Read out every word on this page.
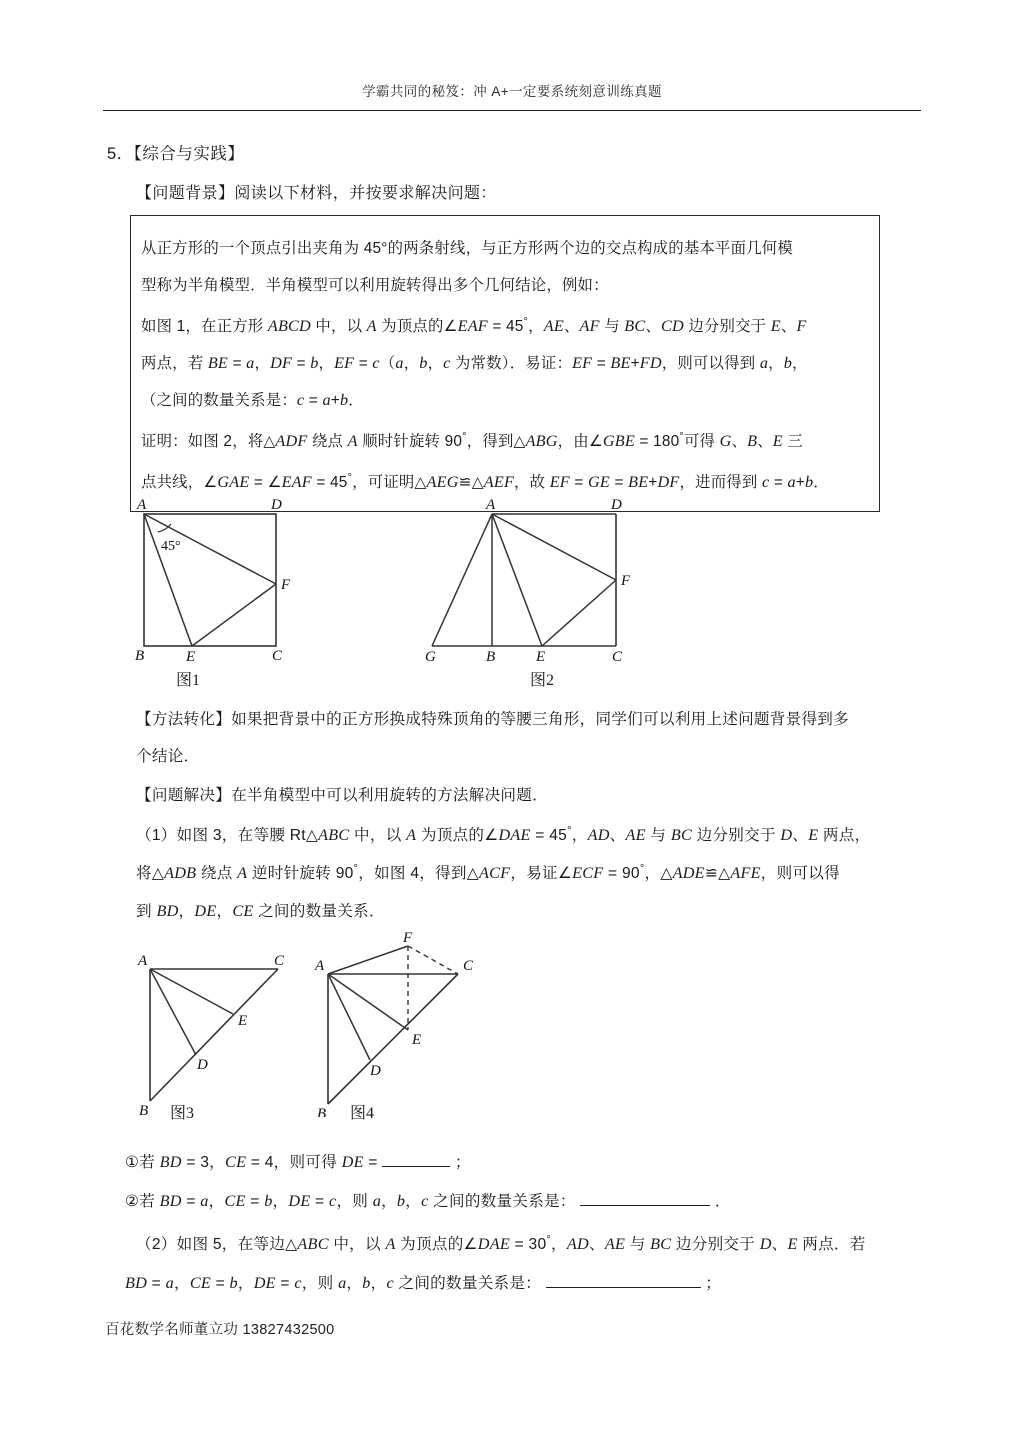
学霸共同的秘笈：冲 A+一定要系统刻意训练真题
5．【综合与实践】
【问题背景】阅读以下材料，并按要求解决问题：

从正方形的一个顶点引出夹角为 45°的两条射线，与正方形两个边的交点构成的基本平面几何模

型称为半角模型．半角模型可以利用旋转得出多个几何结论，例如：

如图 1，在正方形 ABCD 中，以 A 为顶点的∠EAF = 45°，AE、AF 与 BC、CD 边分别交于 E、F

两点，若 BE = a，DF = b，EF = c（a，b，c 为常数）．易证：EF = BE+FD，则可以得到 a，b，

（之间的数量关系是：c = a+b．

证明：如图 2，将△ADF 绕点 A 顺时针旋转 90°，得到△ABG，由∠GBE = 180°可得 G、B、E 三

点共线，∠GAE = ∠EAF = 45°，可证明△AEG≌△AEF，故 EF = GE = BE+DF，进而得到 c = a+b．

A	D
B	C
E
F
45°
图1
A	D
G	B	E	C
F
图2
【方法转化】如果把背景中的正方形换成特殊顶角的等腰三角形，同学们可以利用上述问题背景得到多
个结论．
【问题解决】在半角模型中可以利用旋转的方法解决问题．
（1）如图 3，在等腰 Rt△ABC 中，以 A 为顶点的∠DAE = 45°，AD、AE 与 BC 边分别交于 D、E 两点，
将△ADB 绕点 A 逆时针旋转 90°，如图 4，得到△ACF，易证∠ECF = 90°，△ADE≌△AFE，则可以得
到 BD，DE，CE 之间的数量关系．
A	C
B
D
E
图3
A	C
B
F
E
D
图4
①若 BD = 3，CE = 4，则可得 DE =	；
②若 BD = a，CE = b，DE = c，则 a，b，c 之间的数量关系是：	．
（2）如图 5，在等边△ABC 中，以 A 为顶点的∠DAE = 30°，AD、AE 与 BC 边分别交于 D、E 两点．若
BD = a，CE = b，DE = c，则 a，b，c 之间的数量关系是：	；
百花数学名师董立功 13827432500
